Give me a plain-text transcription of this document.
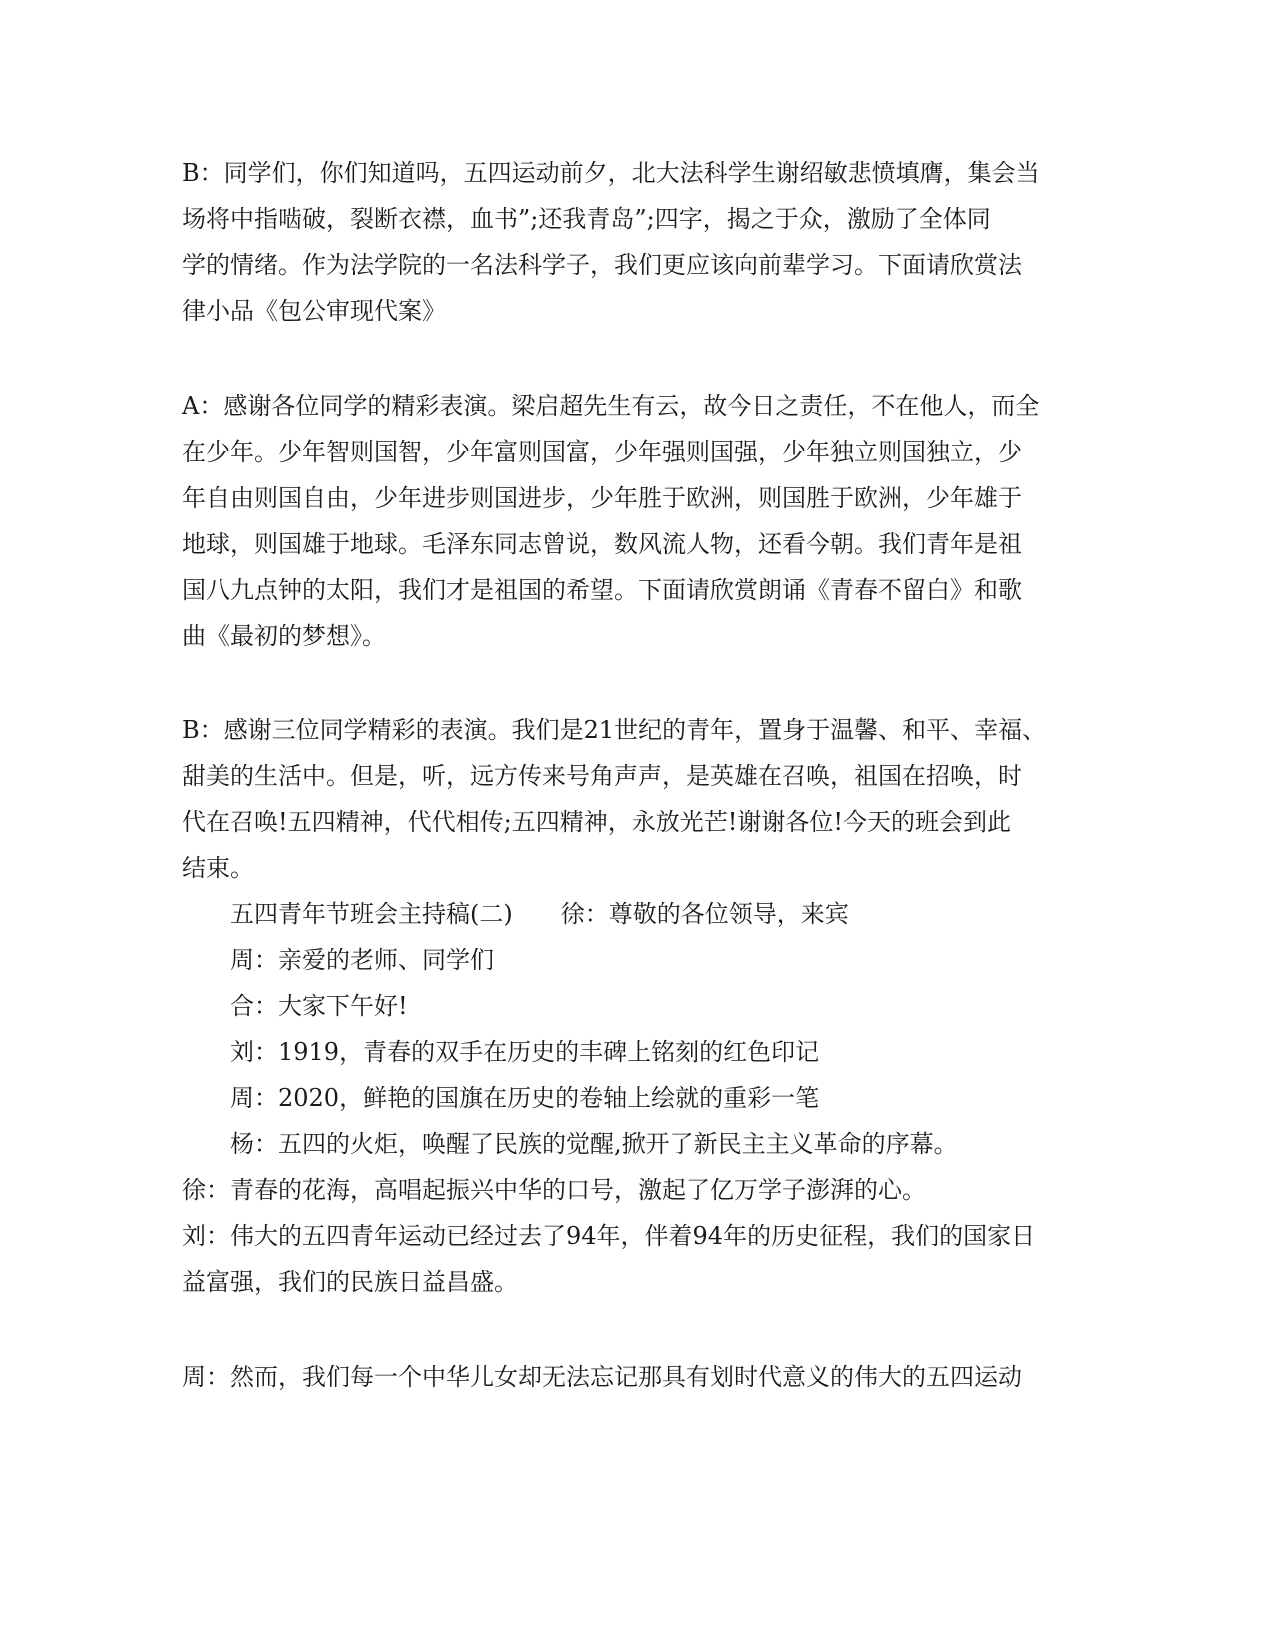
B：同学们，你们知道吗，五四运动前夕，北大法科学生谢绍敏悲愤填膺，集会当
场将中指啮破，裂断衣襟，血书”;还我青岛”;四字，揭之于众，激励了全体同
学的情绪。作为法学院的一名法科学子，我们更应该向前辈学习。下面请欣赏法
律小品《包公审现代案》
A：感谢各位同学的精彩表演。梁启超先生有云，故今日之责任，不在他人，而全
在少年。少年智则国智，少年富则国富，少年强则国强，少年独立则国独立，少
年自由则国自由，少年进步则国进步，少年胜于欧洲，则国胜于欧洲，少年雄于
地球，则国雄于地球。毛泽东同志曾说，数风流人物，还看今朝。我们青年是祖
国八九点钟的太阳，我们才是祖国的希望。下面请欣赏朗诵《青春不留白》和歌
曲《最初的梦想》。
B：感谢三位同学精彩的表演。我们是21世纪的青年，置身于温馨、和平、幸福、
甜美的生活中。但是，听，远方传来号角声声，是英雄在召唤，祖国在招唤，时
代在召唤!五四精神，代代相传;五四精神，永放光芒!谢谢各位!今天的班会到此
结束。
五四青年节班会主持稿(二)　　徐：尊敬的各位领导，来宾
周：亲爱的老师、同学们
合：大家下午好!
刘：1919，青春的双手在历史的丰碑上铭刻的红色印记
周：2020，鲜艳的国旗在历史的卷轴上绘就的重彩一笔
杨：五四的火炬，唤醒了民族的觉醒,掀开了新民主主义革命的序幕。
徐：青春的花海，高唱起振兴中华的口号，激起了亿万学子澎湃的心。
刘：伟大的五四青年运动已经过去了94年，伴着94年的历史征程，我们的国家日
益富强，我们的民族日益昌盛。
周：然而，我们每一个中华儿女却无法忘记那具有划时代意义的伟大的五四运动
